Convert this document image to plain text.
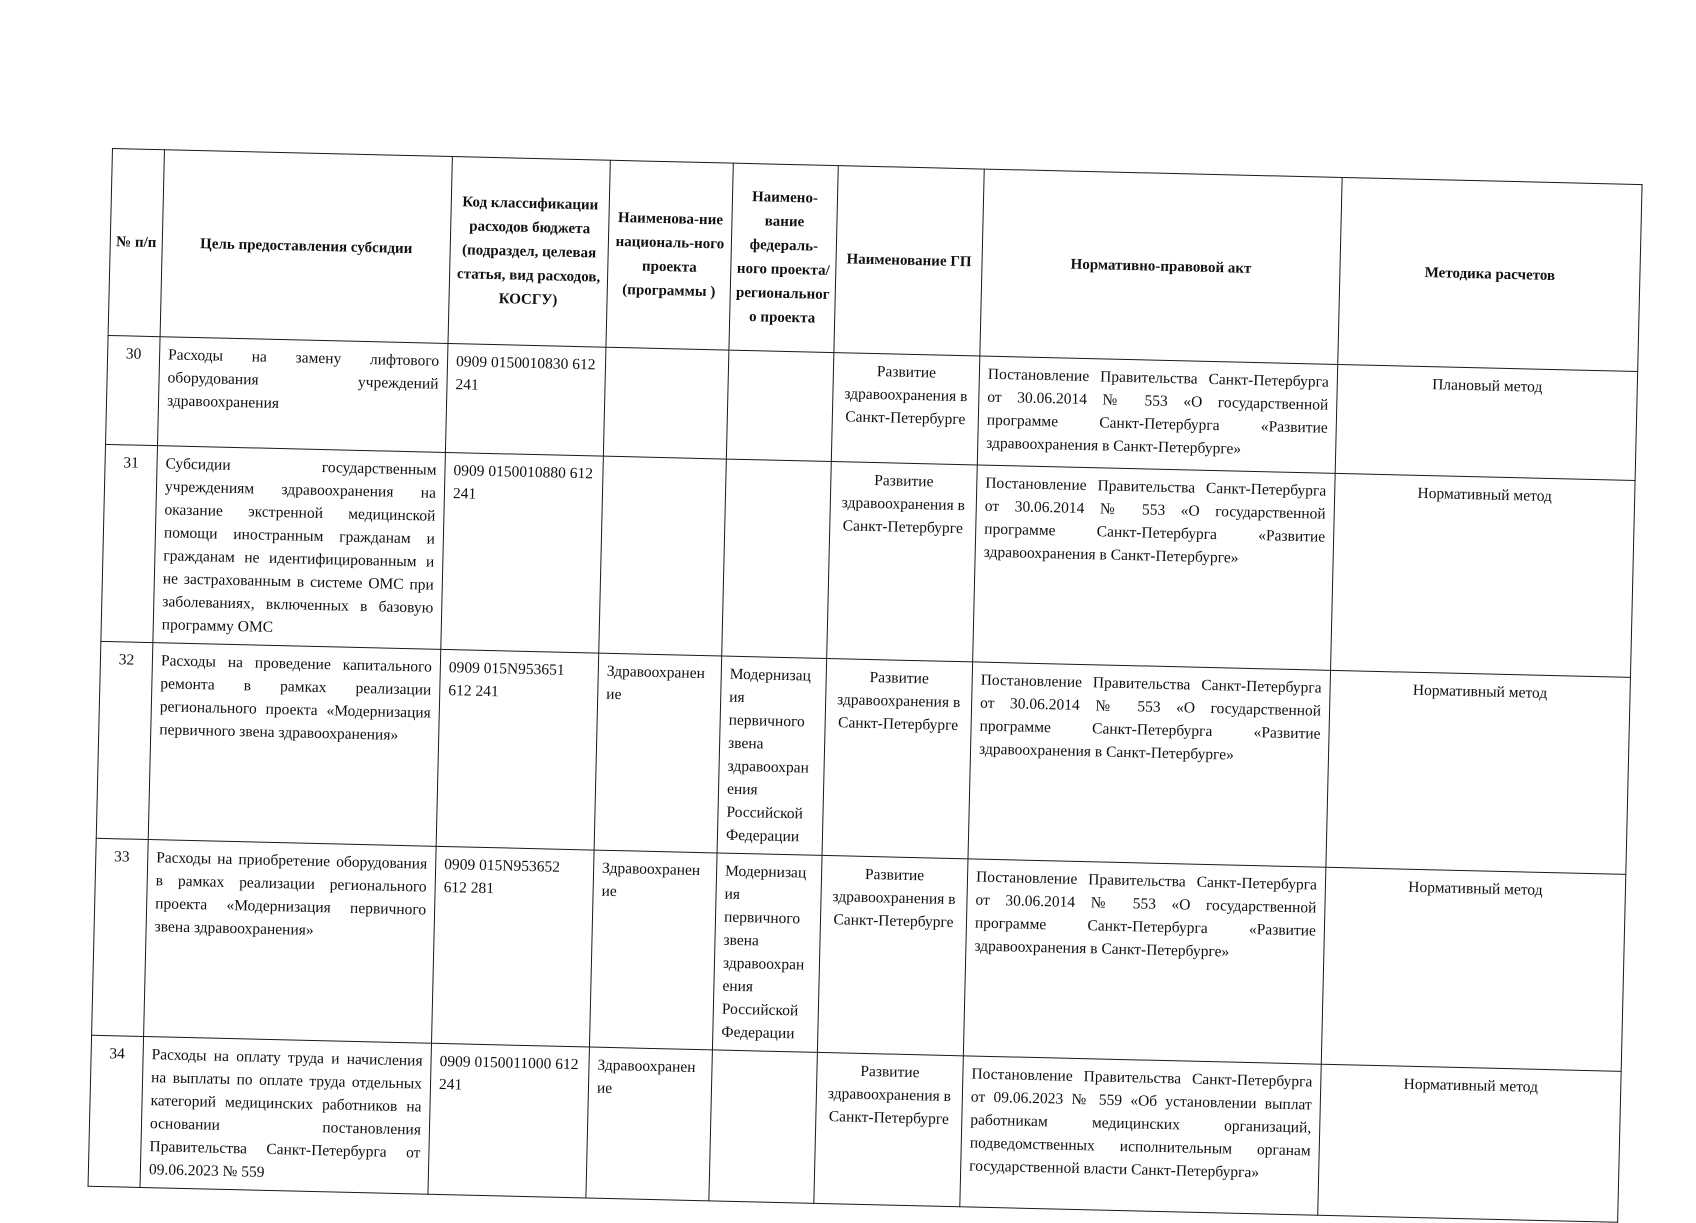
№ п/п	Цель предоставления субсидии	Код классификации расходов бюджета (подраздел, целевая статья, вид расходов, КОСГУ)	Наименова-ние националь-ного проекта (программы )	Наимено-вание федераль-ного проекта/ регионального проекта	Наименование ГП	Нормативно-правовой акт	Методика расчетов
30	Расходы на замену лифтового оборудования учреждений здравоохранения	0909 0150010830 612 241			Развитие здравоохранения в Санкт-Петербурге	Постановление Правительства Санкт-Петербурга от 30.06.2014 № 553 «О государственной программе Санкт-Петербурга «Развитие здравоохранения в Санкт-Петербурге»	Плановый метод
31	Субсидии государственным учреждениям здравоохранения на оказание экстренной медицинской помощи иностранным гражданам и гражданам не идентифицированным и не застрахованным в системе ОМС при заболеваниях, включенных в базовую программу ОМС	0909 0150010880 612 241			Развитие здравоохранения в Санкт-Петербурге	Постановление Правительства Санкт-Петербурга от 30.06.2014 № 553 «О государственной программе Санкт-Петербурга «Развитие здравоохранения в Санкт-Петербурге»	Нормативный метод
32	Расходы на проведение капитального ремонта в рамках реализации регионального проекта «Модернизация первичного звена здравоохранения»	0909 015N953651 612 241	Здравоохранение	Модернизация первичного звена здравоохранения Российской Федерации	Развитие здравоохранения в Санкт-Петербурге	Постановление Правительства Санкт-Петербурга от 30.06.2014 № 553 «О государственной программе Санкт-Петербурга «Развитие здравоохранения в Санкт-Петербурге»	Нормативный метод
33	Расходы на приобретение оборудования в рамках реализации регионального проекта «Модернизация первичного звена здравоохранения»	0909 015N953652 612 281	Здравоохранение	Модернизация первичного звена здравоохранения Российской Федерации	Развитие здравоохранения в Санкт-Петербурге	Постановление Правительства Санкт-Петербурга от 30.06.2014 № 553 «О государственной программе Санкт-Петербурга «Развитие здравоохранения в Санкт-Петербурге»	Нормативный метод
34	Расходы на оплату труда и начисления на выплаты по оплате труда отдельных категорий медицинских работников на основании постановления Правительства Санкт-Петербурга от 09.06.2023 № 559	0909 0150011000 612 241	Здравоохранение		Развитие здравоохранения в Санкт-Петербурге	Постановление Правительства Санкт-Петербурга от 09.06.2023 № 559 «Об установлении выплат работникам медицинских организаций, подведомственных исполнительным органам государственной власти Санкт-Петербурга»	Нормативный метод
